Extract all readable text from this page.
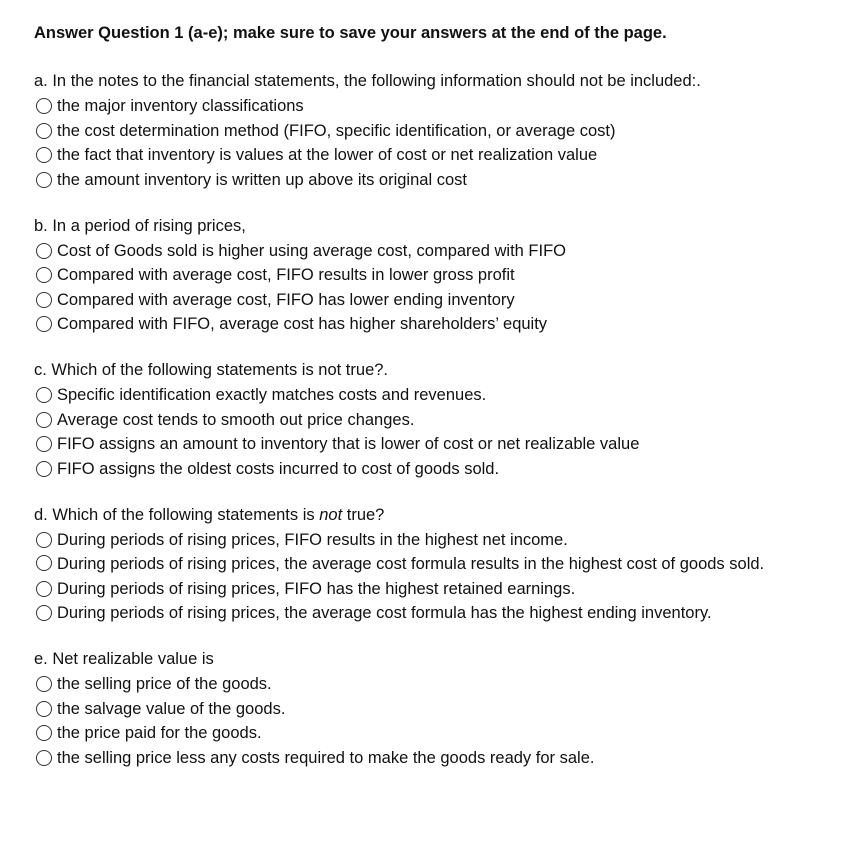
Answer Question 1 (a-e); make sure to save your answers at the end of the page.
a. In the notes to the financial statements, the following information should not be included:.
the major inventory classifications
the cost determination method (FIFO, specific identification, or average cost)
the fact that inventory is values at the lower of cost or net realization value
the amount inventory is written up above its original cost
b. In a period of rising prices,
Cost of Goods sold is higher using average cost, compared with FIFO
Compared with average cost, FIFO results in lower gross profit
Compared with average cost, FIFO has lower ending inventory
Compared with FIFO, average cost has higher shareholders’ equity
c. Which of the following statements is not true?.
Specific identification exactly matches costs and revenues.
Average cost tends to smooth out price changes.
FIFO assigns an amount to inventory that is lower of cost or net realizable value
FIFO assigns the oldest costs incurred to cost of goods sold.
d. Which of the following statements is not true?
During periods of rising prices, FIFO results in the highest net income.
During periods of rising prices, the average cost formula results in the highest cost of goods sold.
During periods of rising prices, FIFO has the highest retained earnings.
During periods of rising prices, the average cost formula has the highest ending inventory.
e. Net realizable value is
the selling price of the goods.
the salvage value of the goods.
the price paid for the goods.
the selling price less any costs required to make the goods ready for sale.
